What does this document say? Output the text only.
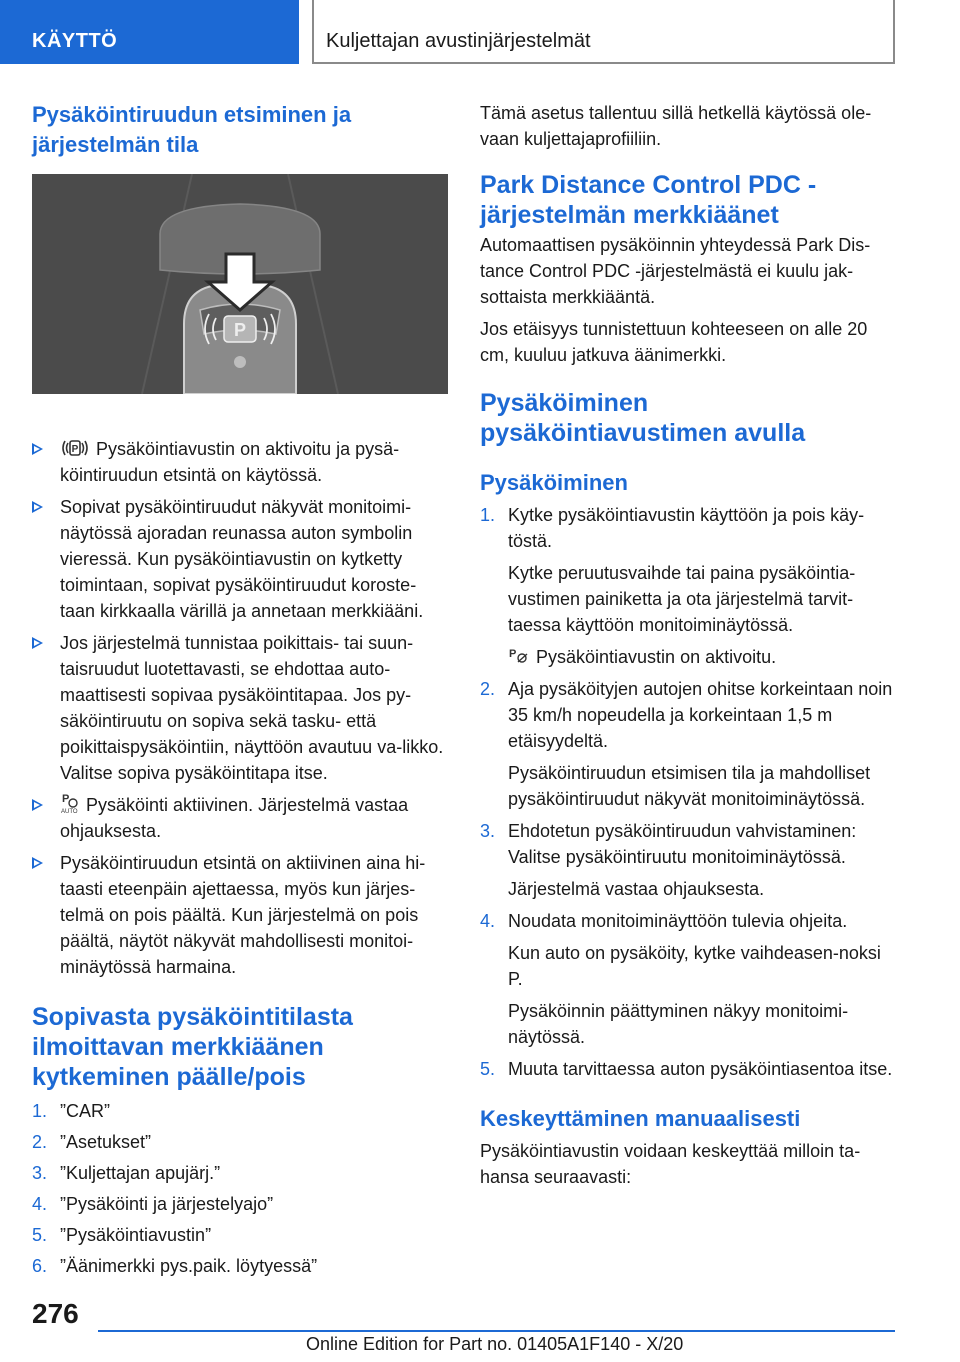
KÄYTTÖ	Kuljettajan avustinjärjestelmät
Pysäköintiruudun etsiminen ja järjestelmän tila
P Pysäköintiavustin on aktivoitu ja pysä-köintiruudun etsintä on käytössä.
Sopivat pysäköintiruudut näkyvät monitoimi-näytössä ajoradan reunassa auton symbolin vieressä. Kun pysäköintiavustin on kytketty toimintaan, sopivat pysäköintiruudut koroste-taan kirkkaalla värillä ja annetaan merkkiääni.
Jos järjestelmä tunnistaa poikittais- tai suun-taisruudut luotettavasti, se ehdottaa auto-maattisesti sopivaa pysäköintitapaa. Jos py-säköintiruutu on sopiva sekä tasku- että poikittaispysäköintiin, näyttöön avautuu va-likko. Valitse sopiva pysäköintitapa itse.
P
AUTO Pysäköinti aktiivinen. Järjestelmä vastaa ohjauksesta.
Pysäköintiruudun etsintä on aktiivinen aina hi-taasti eteenpäin ajettaessa, myös kun järjes-telmä on pois päältä. Kun järjestelmä on pois päältä, näytöt näkyvät mahdollisesti monitoi-minäytössä harmaina.
Sopivasta pysäköintitilasta ilmoittavan merkkiäänen kytkeminen päälle/pois
1. ”CAR”
2. ”Asetukset”
3. ”Kuljettajan apujärj.”
4. ”Pysäköinti ja järjestelyajo”
5. ”Pysäköintiavustin”
6. ”Äänimerkki pys.paik. löytyessä”
P

Tämä asetus tallentuu sillä hetkellä käytössä ole-vaan kuljettajaprofiiliin.

Park Distance Control PDC -järjestelmän merkkiäänet

Automaattisen pysäköinnin yhteydessä Park Dis-tance Control PDC -järjestelmästä ei kuulu jak-sottaista merkkiääntä.

Jos etäisyys tunnistettuun kohteeseen on alle 20 cm, kuuluu jatkuva äänimerkki.

Pysäköiminen pysäköintiavustimen avulla
Pysäköiminen
1. Kytke pysäköintiavustin käyttöön ja pois käy-töstä.
Kytke peruutusvaihde tai paina pysäköintia-vustimen painiketta ja ota järjestelmä tarvit-taessa käyttöön monitoiminäytössä.
P Pysäköintiavustin on aktivoitu.
2. Aja pysäköityjen autojen ohitse korkeintaan noin 35 km/h nopeudella ja korkeintaan 1,5 m etäisyydeltä.
Pysäköintiruudun etsimisen tila ja mahdolliset pysäköintiruudut näkyvät monitoiminäytössä.
3. Ehdotetun pysäköintiruudun vahvistaminen: Valitse pysäköintiruutu monitoiminäytössä.
Järjestelmä vastaa ohjauksesta.
4. Noudata monitoiminäyttöön tulevia ohjeita.
Kun auto on pysäköity, kytke vaihdeasen-noksi P.
Pysäköinnin päättyminen näkyy monitoimi-näytössä.
5. Muuta tarvittaessa auton pysäköintiasentoa itse.
Keskeyttäminen manuaalisesti

Pysäköintiavustin voidaan keskeyttää milloin ta-hansa seuraavasti:

276
Online Edition for Part no. 01405A1F140 - X/20
